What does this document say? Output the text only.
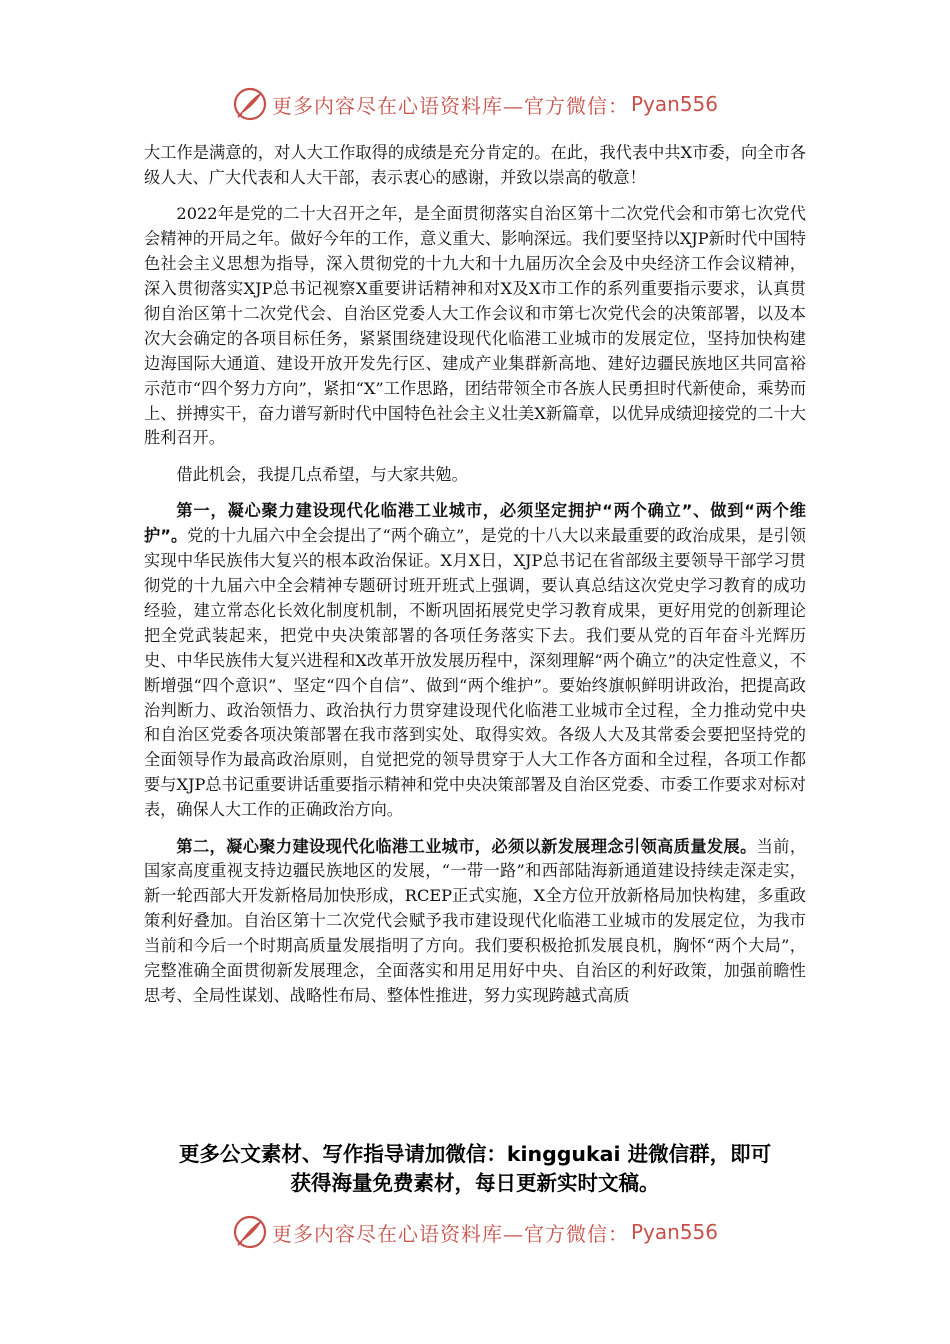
更多内容尽在心语资料库—官方微信： Pyan556

大工作是满意的，对人大工作取得的成绩是充分肯定的。在此，我代表中共X市委，向全市各级人大、广大代表和人大干部，表示衷心的感谢，并致以崇高的敬意！

2022年是党的二十大召开之年，是全面贯彻落实自治区第十二次党代会和市第七次党代会精神的开局之年。做好今年的工作，意义重大、影响深远。我们要坚持以XJP新时代中国特色社会主义思想为指导，深入贯彻党的十九大和十九届历次全会及中央经济工作会议精神，深入贯彻落实XJP总书记视察X重要讲话精神和对X及X市工作的系列重要指示要求，认真贯彻自治区第十二次党代会、自治区党委人大工作会议和市第七次党代会的决策部署，以及本次大会确定的各项目标任务，紧紧围绕建设现代化临港工业城市的发展定位，坚持加快构建边海国际大通道、建设开放开发先行区、建成产业集群新高地、建好边疆民族地区共同富裕示范市“四个努力方向”，紧扣“X”工作思路，团结带领全市各族人民勇担时代新使命，乘势而上、拼搏实干，奋力谱写新时代中国特色社会主义壮美X新篇章，以优异成绩迎接党的二十大胜利召开。

借此机会，我提几点希望，与大家共勉。

第一，凝心聚力建设现代化临港工业城市，必须坚定拥护“两个确立”、做到“两个维护”。党的十九届六中全会提出了“两个确立”，是党的十八大以来最重要的政治成果，是引领实现中华民族伟大复兴的根本政治保证。X月X日，XJP总书记在省部级主要领导干部学习贯彻党的十九届六中全会精神专题研讨班开班式上强调，要认真总结这次党史学习教育的成功经验，建立常态化长效化制度机制，不断巩固拓展党史学习教育成果，更好用党的创新理论把全党武装起来，把党中央决策部署的各项任务落实下去。我们要从党的百年奋斗光辉历史、中华民族伟大复兴进程和X改革开放发展历程中，深刻理解“两个确立”的决定性意义，不断增强“四个意识”、坚定“四个自信”、做到“两个维护”。要始终旗帜鲜明讲政治，把提高政治判断力、政治领悟力、政治执行力贯穿建设现代化临港工业城市全过程，全力推动党中央和自治区党委各项决策部署在我市落到实处、取得实效。各级人大及其常委会要把坚持党的全面领导作为最高政治原则，自觉把党的领导贯穿于人大工作各方面和全过程，各项工作都要与XJP总书记重要讲话重要指示精神和党中央决策部署及自治区党委、市委工作要求对标对表，确保人大工作的正确政治方向。

第二，凝心聚力建设现代化临港工业城市，必须以新发展理念引领高质量发展。当前，国家高度重视支持边疆民族地区的发展，“一带一路”和西部陆海新通道建设持续走深走实，新一轮西部大开发新格局加快形成，RCEP正式实施，X全方位开放新格局加快构建，多重政策利好叠加。自治区第十二次党代会赋予我市建设现代化临港工业城市的发展定位，为我市当前和今后一个时期高质量发展指明了方向。我们要积极抢抓发展良机，胸怀“两个大局”，完整准确全面贯彻新发展理念，全面落实和用足用好中央、自治区的利好政策，加强前瞻性思考、全局性谋划、战略性布局、整体性推进，努力实现跨越式高质

更多公文素材、写作指导请加微信：kinggukai 进微信群，即可
获得海量免费素材，每日更新实时文稿。
更多内容尽在心语资料库—官方微信： Pyan556
